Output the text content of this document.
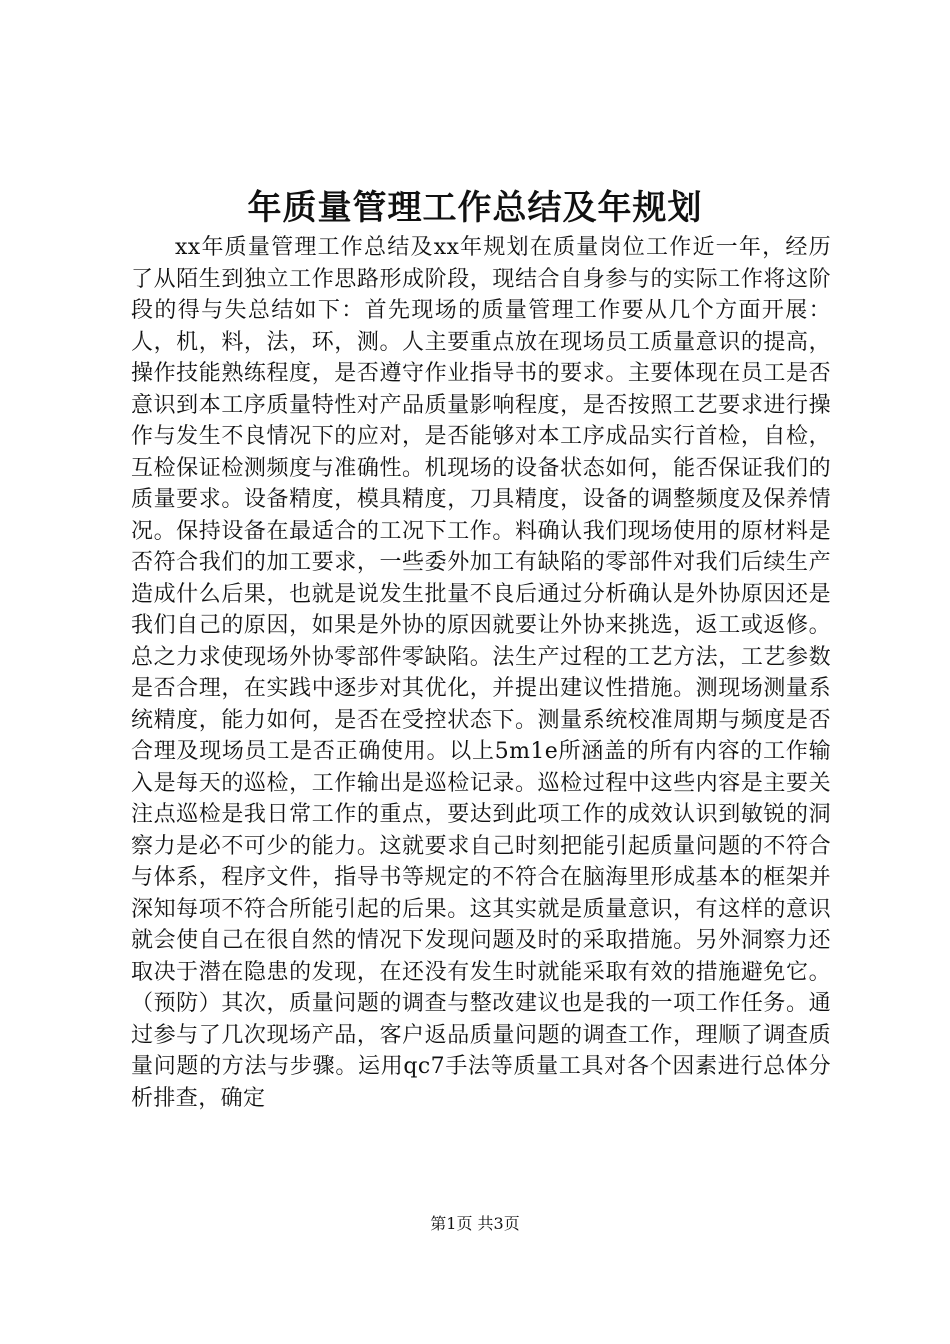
年质量管理工作总结及年规划

xx年质量管理工作总结及xx年规划在质量岗位工作近一年，经历了从陌生到独立工作思路形成阶段，现结合自身参与的实际工作将这阶段的得与失总结如下：首先现场的质量管理工作要从几个方面开展：人，机，料，法，环，测。人主要重点放在现场员工质量意识的提高，操作技能熟练程度，是否遵守作业指导书的要求。主要体现在员工是否意识到本工序质量特性对产品质量影响程度，是否按照工艺要求进行操作与发生不良情况下的应对，是否能够对本工序成品实行首检，自检，互检保证检测频度与准确性。机现场的设备状态如何，能否保证我们的质量要求。设备精度，模具精度，刀具精度，设备的调整频度及保养情况。保持设备在最适合的工况下工作。料确认我们现场使用的原材料是否符合我们的加工要求，一些委外加工有缺陷的零部件对我们后续生产造成什么后果，也就是说发生批量不良后通过分析确认是外协原因还是我们自己的原因，如果是外协的原因就要让外协来挑选，返工或返修。总之力求使现场外协零部件零缺陷。法生产过程的工艺方法，工艺参数是否合理，在实践中逐步对其优化，并提出建议性措施。测现场测量系统精度，能力如何，是否在受控状态下。测量系统校准周期与频度是否合理及现场员工是否正确使用。以上5m1e所涵盖的所有内容的工作输入是每天的巡检，工作输出是巡检记录。巡检过程中这些内容是主要关注点巡检是我日常工作的重点，要达到此项工作的成效认识到敏锐的洞察力是必不可少的能力。这就要求自己时刻把能引起质量问题的不符合与体系，程序文件，指导书等规定的不符合在脑海里形成基本的框架并深知每项不符合所能引起的后果。这其实就是质量意识，有这样的意识就会使自己在很自然的情况下发现问题及时的采取措施。另外洞察力还取决于潜在隐患的发现，在还没有发生时就能采取有效的措施避免它。（预防）其次，质量问题的调查与整改建议也是我的一项工作任务。通过参与了几次现场产品，客户返品质量问题的调查工作，理顺了调查质量问题的方法与步骤。运用qc7手法等质量工具对各个因素进行总体分析排查，确定

第1页 共3页
